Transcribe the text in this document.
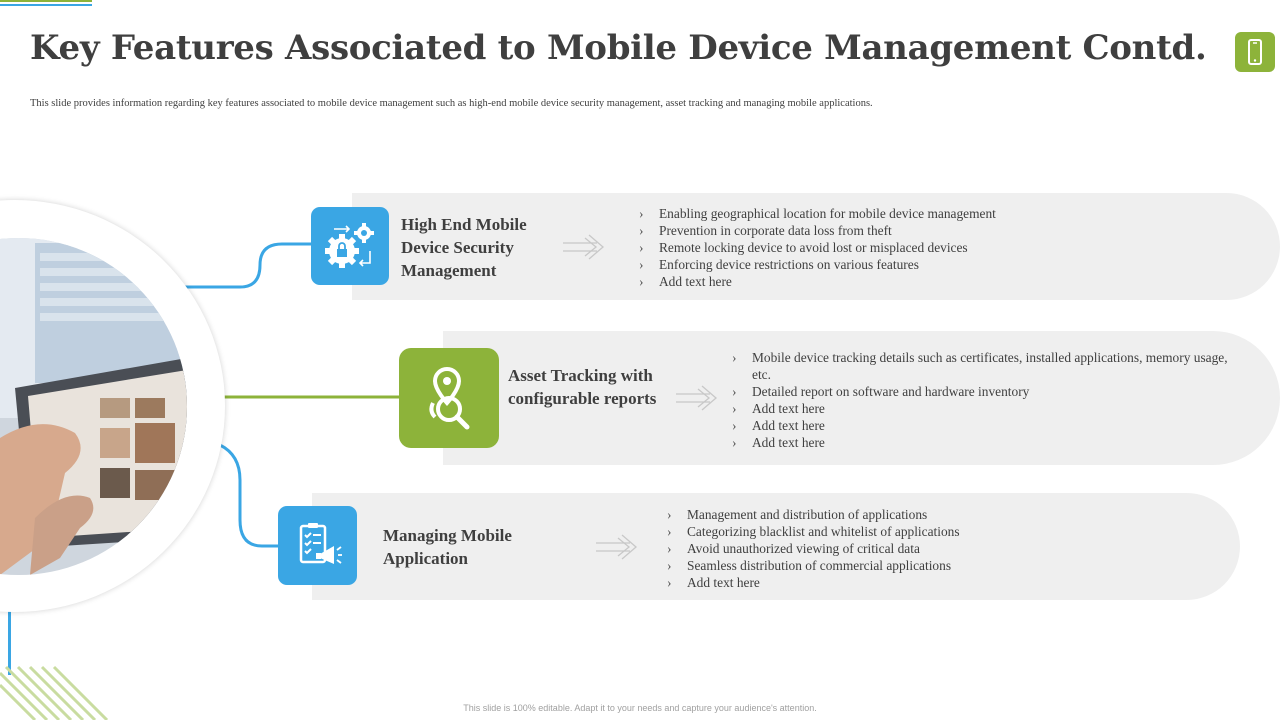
Key Features Associated to Mobile Device Management Contd.
This slide provides information regarding key features associated to mobile device management such as high-end mobile device security management, asset tracking and managing mobile applications.
High End Mobile Device Security Management
› Enabling geographical location for mobile device management
› Prevention in corporate data loss from theft
› Remote locking device to avoid lost or misplaced devices
› Enforcing device restrictions on various features
› Add text here
Asset Tracking with configurable reports
› Mobile device tracking details such as certificates, installed applications, memory usage, etc.
› Detailed report on software and hardware inventory
› Add text here
› Add text here
› Add text here
Managing Mobile Application
› Management and distribution of applications
› Categorizing blacklist and whitelist of applications
› Avoid unauthorized viewing of critical data
› Seamless distribution of commercial applications
› Add text here
This slide is 100% editable. Adapt it to your needs and capture your audience's attention.
